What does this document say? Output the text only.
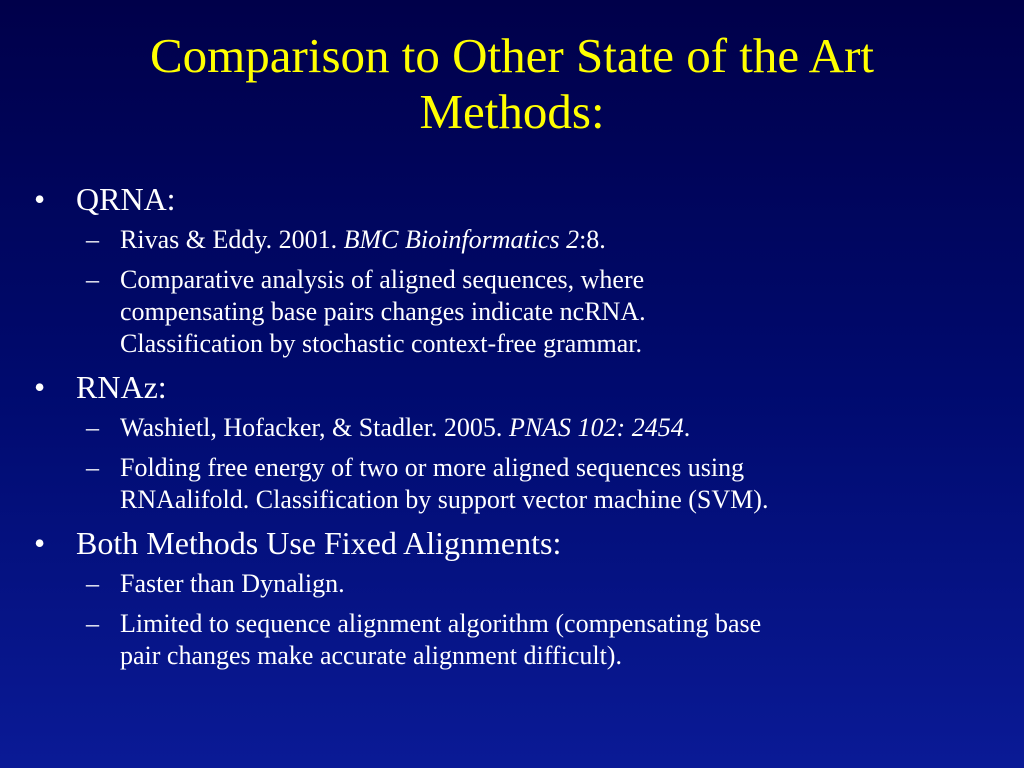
Comparison to Other State of the Art
Methods:
• QRNA:
– Rivas & Eddy. 2001. BMC Bioinformatics 2:8.
– Comparative analysis of aligned sequences, where
compensating base pairs changes indicate ncRNA.
Classification by stochastic context-free grammar.
• RNAz:
– Washietl, Hofacker, & Stadler. 2005. PNAS 102: 2454.
– Folding free energy of two or more aligned sequences using
RNAalifold. Classification by support vector machine (SVM).
• Both Methods Use Fixed Alignments:
– Faster than Dynalign.
– Limited to sequence alignment algorithm (compensating base
pair changes make accurate alignment difficult).
